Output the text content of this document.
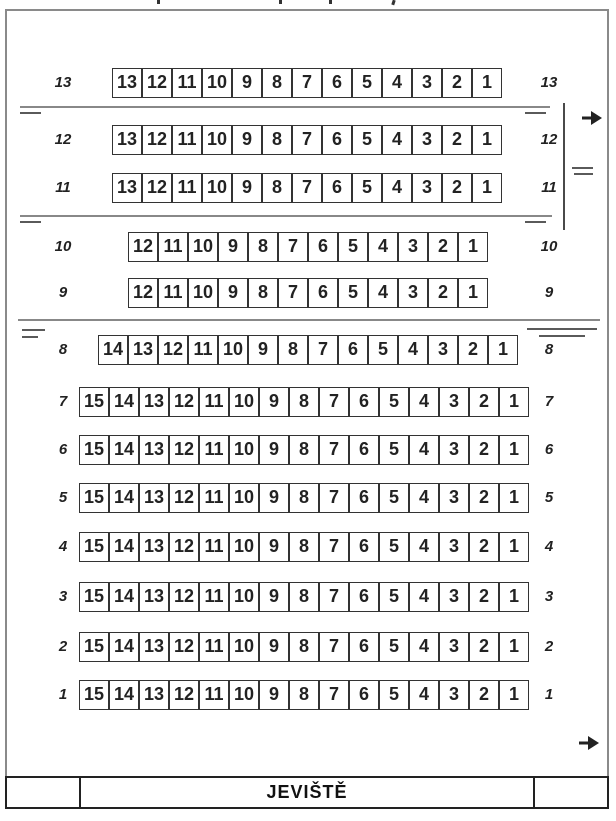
13	13 12 11 10 9	8	7	6	5	4	3	2	1	13
12	13 12 11 10 9	8	7	6	5	4	3	2	1	12
11	13 12 11 10 9	8	7	6	5	4	3	2	1	11
10	12 11 10 9	8	7	6	5	4	3	2	1	10
9	12 11 10 9	8	7	6	5	4	3	2	1	9
8	14 13 12 11 10 9	8	7	6	5	4	3	2	1	8
7 15 14 13 12 11 10 9	8	7	6	5	4	3	2	1	7
6 15 14 13 12 11 10 9	8	7	6	5	4	3	2	1	6
5 15 14 13 12 11 10 9	8	7	6	5	4	3	2	1	5
4 15 14 13 12 11 10 9	8	7	6	5	4	3	2	1	4
3 15 14 13 12 11 10 9	8	7	6	5	4	3	2	1	3
2 15 14 13 12 11 10 9	8	7	6	5	4	3	2	1	2
1 15 14 13 12 11 10 9	8	7	6	5	4	3	2	1	1
JEVIŠTĚ
